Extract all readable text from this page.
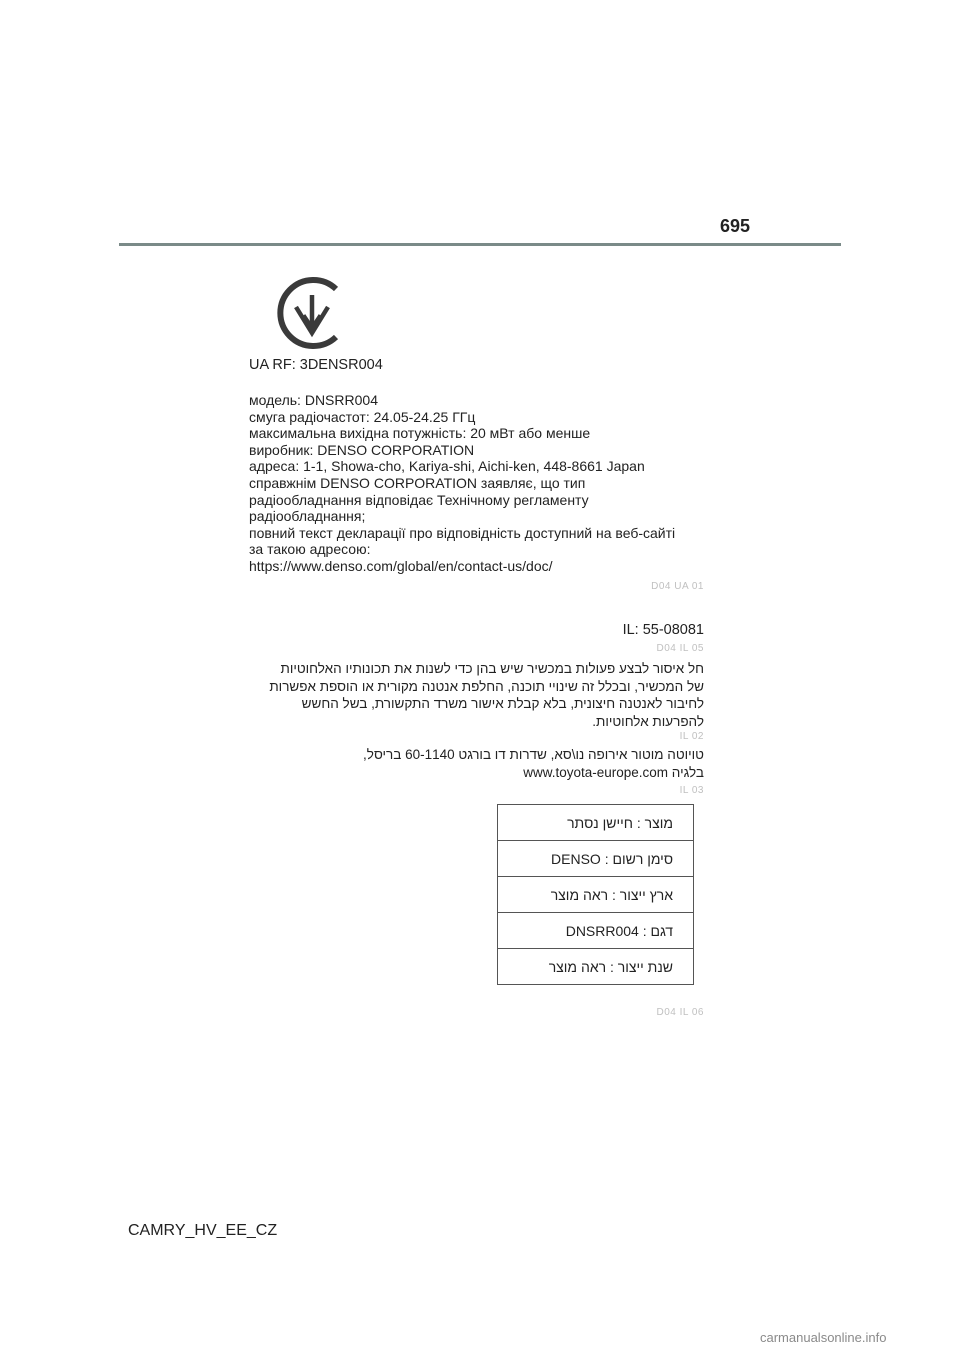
695
UA RF: 3DENSR004
модель: DNSRR004
смуга радіочастот: 24.05-24.25 ГГц
максимальна вихідна потужність: 20 мВт або менше
виробник: DENSO CORPORATION
адреса: 1-1, Showa-cho, Kariya-shi, Aichi-ken, 448-8661 Japan
справжнім DENSO CORPORATION заявляє, що тип
радіообладнання відповідає Технічному регламенту
радіообладнання;
повний текст декларації про відповідність доступний на веб-сайті
за такою адресою:
https://www.denso.com/global/en/contact-us/doc/
D04 UA 01
IL: 55-08081
D04 IL 05
חל איסור לבצע פעולות במכשיר שיש בהן כדי לשנות את תכונותיו האלחוטיות
של המכשיר, ובכלל זה שינויי תוכנה, החלפת אנטנה מקורית או הוספת אפשרות
לחיבור לאנטנה חיצונית, בלא קבלת אישור משרד התקשורת, בשל החשש
להפרעות אלחוטיות.
IL 02
טויוטה מוטור אירופה נו\סא, שדרות דו בורגט 60-1140 בריסל,
בלגיה www.toyota-europe.com
IL 03
מוצר : חיישן נסתר
סימן רשום : DENSO
ארץ ייצור : ראה מוצר
דגם : DNSRR004
שנת ייצור : ראה מוצר
D04 IL 06
CAMRY_HV_EE_CZ
carmanualsonline.info
